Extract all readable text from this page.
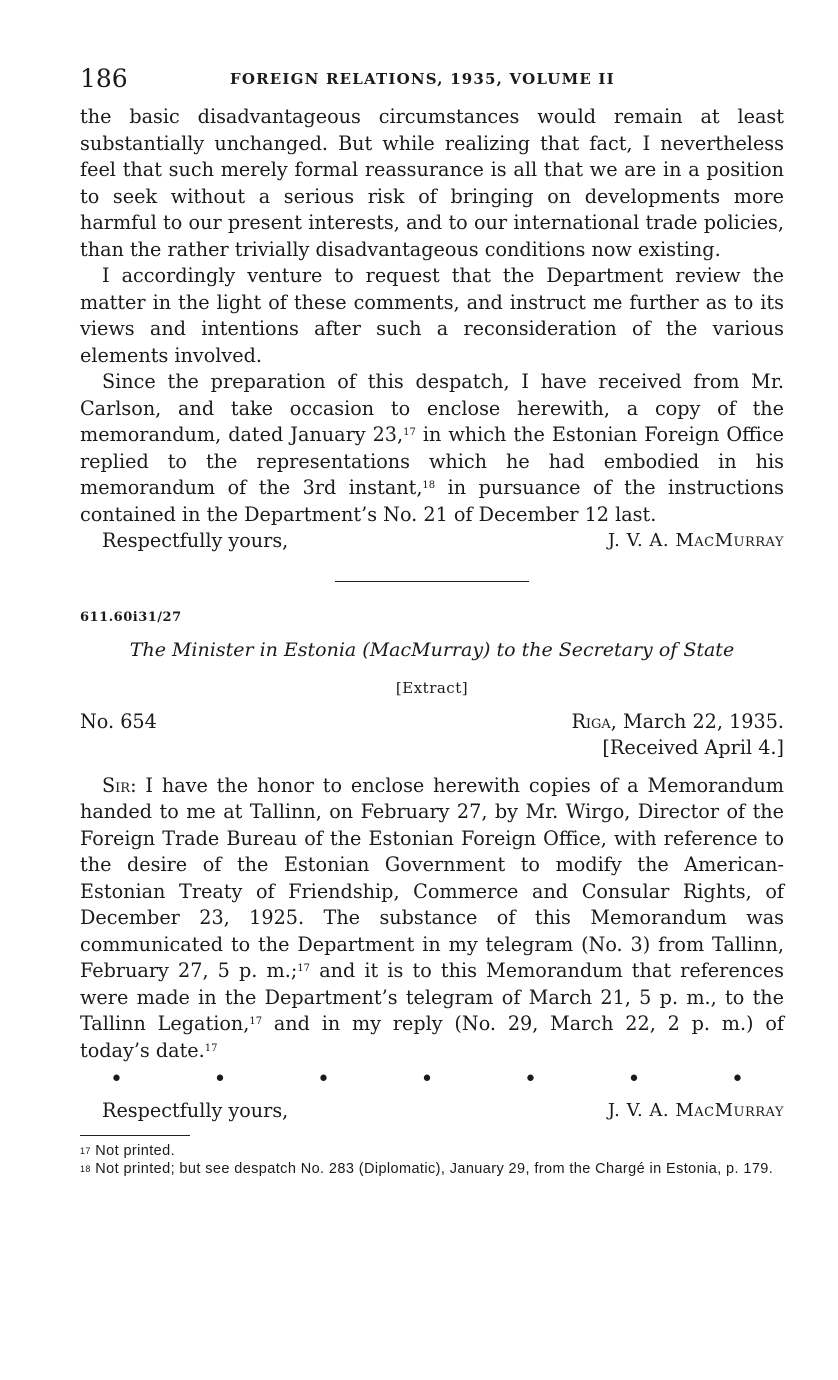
186	FOREIGN RELATIONS, 1935, VOLUME II

the basic disadvantageous circumstances would remain at least substantially unchanged. But while realizing that fact, I nevertheless feel that such merely formal reassurance is all that we are in a position to seek without a serious risk of bringing on developments more harmful to our present interests, and to our international trade policies, than the rather trivially disadvantageous conditions now existing.

I accordingly venture to request that the Department review the matter in the light of these comments, and instruct me further as to its views and intentions after such a reconsideration of the various elements involved.

Since the preparation of this despatch, I have received from Mr. Carlson, and take occasion to enclose herewith, a copy of the memorandum, dated January 23,17 in which the Estonian Foreign Office replied to the representations which he had embodied in his memorandum of the 3rd instant,$^{18}$ in pursuance of the instructions contained in the Department’s No. 21 of December 12 last.

Respectfully yours,	J. V. A. MacMurray
611.60i31/27
The Minister in Estonia (MacMurray) to the Secretary of State
[Extract]
No. 654	Riga, March 22, 1935.

[Received April 4.]

Sir: I have the honor to enclose herewith copies of a Memorandum handed to me at Tallinn, on February 27, by Mr. Wirgo, Director of the Foreign Trade Bureau of the Estonian Foreign Office, with reference to the desire of the Estonian Government to modify the American-Estonian Treaty of Friendship, Commerce and Consular Rights, of December 23, 1925. The substance of this Memorandum was communicated to the Department in my telegram (No. 3) from Tallinn, February 27, 5 p. m.;$^{17}$ and it is to this Memorandum that references were made in the Department’s telegram of March 21, 5 p. m., to the Tallinn Legation,$^{17}$ and in my reply (No. 29, March 22, 2 p. m.) of today’s date.$^{17}$

•	•	•	•	•	•	•
Respectfully yours,	J. V. A. MacMurray

$^{17}$ Not printed.

$^{18}$ Not printed; but see despatch No. 283 (Diplomatic), January 29, from the Chargé in Estonia, p. 179.
